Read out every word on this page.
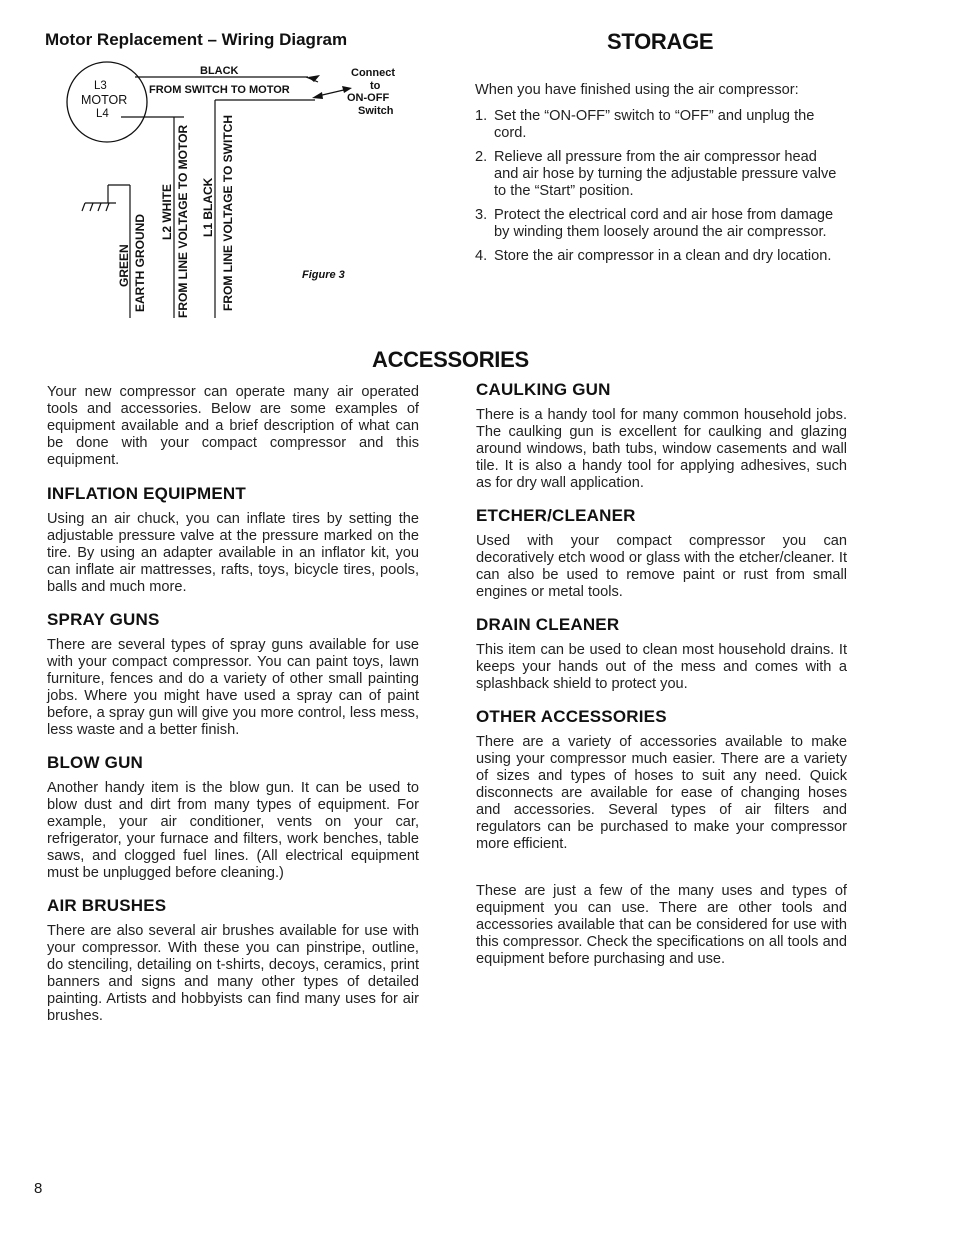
Motor Replacement – Wiring Diagram
L3
MOTOR
L4
BLACK
FROM SWITCH TO MOTOR
Connect
to
ON-OFF
Switch
GREEN EARTH GROUND
L2 WHITE FROM LINE VOLTAGE TO MOTOR L1 BLACK FROM LINE VOLTAGE TO SWITCH	Figure 3
STORAGE

When you have finished using the air compressor:

1. Set the “ON-OFF” switch to “OFF” and unplug the cord.
2. Relieve all pressure from the air compressor head and air hose by turning the adjustable pressure valve to the “Start” position.
3. Protect the electrical cord and air hose from damage by winding them loosely around the air compressor.
4. Store the air compressor in a clean and dry location.
ACCESSORIES

Your new compressor can operate many air operated tools and accessories. Below are some examples of equipment available and a brief description of what can be done with your compact compressor and this equipment.

INFLATION EQUIPMENT

Using an air chuck, you can inflate tires by setting the adjustable pressure valve at the pressure marked on the tire. By using an adapter available in an inflator kit, you can inflate air mattresses, rafts, toys, bicycle tires, pools, balls and much more.

SPRAY GUNS

There are several types of spray guns available for use with your compact compressor. You can paint toys, lawn furniture, fences and do a variety of other small painting jobs. Where you might have used a spray can of paint before, a spray gun will give you more control, less mess, less waste and a better finish.

BLOW GUN

Another handy item is the blow gun. It can be used to blow dust and dirt from many types of equipment. For example, your air conditioner, vents on your car, refrigerator, your furnace and filters, work benches, table saws, and clogged fuel lines. (All electrical equipment must be unplugged before cleaning.)

AIR BRUSHES

There are also several air brushes available for use with your compressor. With these you can pinstripe, outline, do stenciling, detailing on t-shirts, decoys, ceramics, print banners and signs and many other types of detailed painting. Artists and hobbyists can find many uses for air brushes.

CAULKING GUN

There is a handy tool for many common household jobs. The caulking gun is excellent for caulking and glazing around windows, bath tubs, window casements and wall tile. It is also a handy tool for applying adhesives, such as for dry wall application.

ETCHER/CLEANER

Used with your compact compressor you can decoratively etch wood or glass with the etcher/cleaner. It can also be used to remove paint or rust from small engines or metal tools.

DRAIN CLEANER

This item can be used to clean most household drains. It keeps your hands out of the mess and comes with a splashback shield to protect you.

OTHER ACCESSORIES

There are a variety of accessories available to make using your compressor much easier. There are a variety of sizes and types of hoses to suit any need. Quick disconnects are available for ease of changing hoses and accessories. Several types of air filters and regulators can be purchased to make your compressor more efficient.

These are just a few of the many uses and types of equipment you can use. There are other tools and accessories available that can be considered for use with this compressor. Check the specifications on all tools and equipment before purchasing and use.

8
